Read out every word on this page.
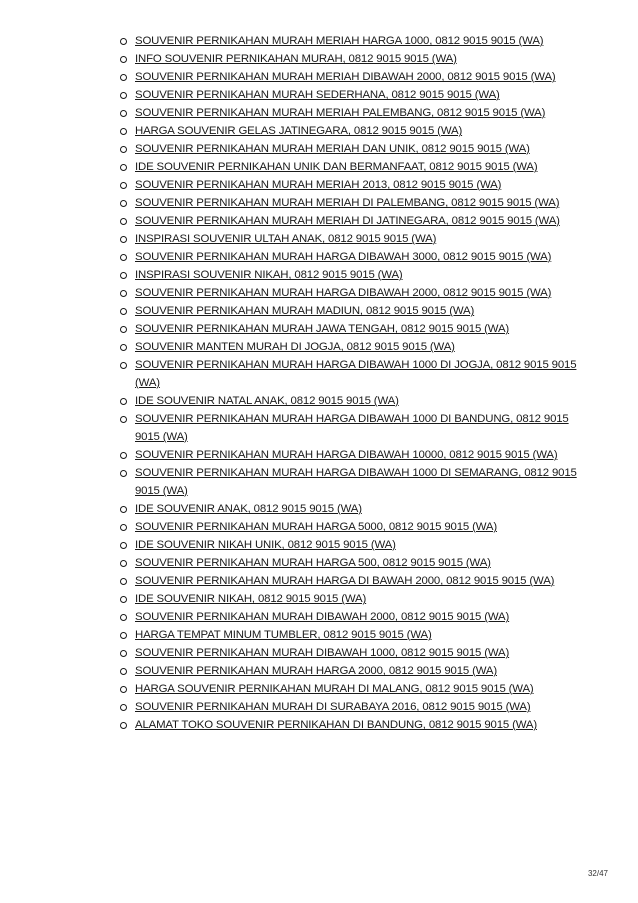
SOUVENIR PERNIKAHAN MURAH MERIAH HARGA 1000, 0812 9015 9015 (WA)
INFO SOUVENIR PERNIKAHAN MURAH, 0812 9015 9015 (WA)
SOUVENIR PERNIKAHAN MURAH MERIAH DIBAWAH 2000, 0812 9015 9015 (WA)
SOUVENIR PERNIKAHAN MURAH SEDERHANA, 0812 9015 9015 (WA)
SOUVENIR PERNIKAHAN MURAH MERIAH PALEMBANG, 0812 9015 9015 (WA)
HARGA SOUVENIR GELAS JATINEGARA, 0812 9015 9015 (WA)
SOUVENIR PERNIKAHAN MURAH MERIAH DAN UNIK, 0812 9015 9015 (WA)
IDE SOUVENIR PERNIKAHAN UNIK DAN BERMANFAAT, 0812 9015 9015 (WA)
SOUVENIR PERNIKAHAN MURAH MERIAH 2013, 0812 9015 9015 (WA)
SOUVENIR PERNIKAHAN MURAH MERIAH DI PALEMBANG, 0812 9015 9015 (WA)
SOUVENIR PERNIKAHAN MURAH MERIAH DI JATINEGARA, 0812 9015 9015 (WA)
INSPIRASI SOUVENIR ULTAH ANAK, 0812 9015 9015 (WA)
SOUVENIR PERNIKAHAN MURAH HARGA DIBAWAH 3000, 0812 9015 9015 (WA)
INSPIRASI SOUVENIR NIKAH, 0812 9015 9015 (WA)
SOUVENIR PERNIKAHAN MURAH HARGA DIBAWAH 2000, 0812 9015 9015 (WA)
SOUVENIR PERNIKAHAN MURAH MADIUN, 0812 9015 9015 (WA)
SOUVENIR PERNIKAHAN MURAH JAWA TENGAH, 0812 9015 9015 (WA)
SOUVENIR MANTEN MURAH DI JOGJA, 0812 9015 9015 (WA)
SOUVENIR PERNIKAHAN MURAH HARGA DIBAWAH 1000 DI JOGJA, 0812 9015 9015 (WA)
IDE SOUVENIR NATAL ANAK, 0812 9015 9015 (WA)
SOUVENIR PERNIKAHAN MURAH HARGA DIBAWAH 1000 DI BANDUNG, 0812 9015 9015 (WA)
SOUVENIR PERNIKAHAN MURAH HARGA DIBAWAH 10000, 0812 9015 9015 (WA)
SOUVENIR PERNIKAHAN MURAH HARGA DIBAWAH 1000 DI SEMARANG, 0812 9015 9015 (WA)
IDE SOUVENIR ANAK, 0812 9015 9015 (WA)
SOUVENIR PERNIKAHAN MURAH HARGA 5000, 0812 9015 9015 (WA)
IDE SOUVENIR NIKAH UNIK, 0812 9015 9015 (WA)
SOUVENIR PERNIKAHAN MURAH HARGA 500, 0812 9015 9015 (WA)
SOUVENIR PERNIKAHAN MURAH HARGA DI BAWAH 2000, 0812 9015 9015 (WA)
IDE SOUVENIR NIKAH, 0812 9015 9015 (WA)
SOUVENIR PERNIKAHAN MURAH DIBAWAH 2000, 0812 9015 9015 (WA)
HARGA TEMPAT MINUM TUMBLER, 0812 9015 9015 (WA)
SOUVENIR PERNIKAHAN MURAH DIBAWAH 1000, 0812 9015 9015 (WA)
SOUVENIR PERNIKAHAN MURAH HARGA 2000, 0812 9015 9015 (WA)
HARGA SOUVENIR PERNIKAHAN MURAH DI MALANG, 0812 9015 9015 (WA)
SOUVENIR PERNIKAHAN MURAH DI SURABAYA 2016, 0812 9015 9015 (WA)
ALAMAT TOKO SOUVENIR PERNIKAHAN DI BANDUNG, 0812 9015 9015 (WA)
32/47
